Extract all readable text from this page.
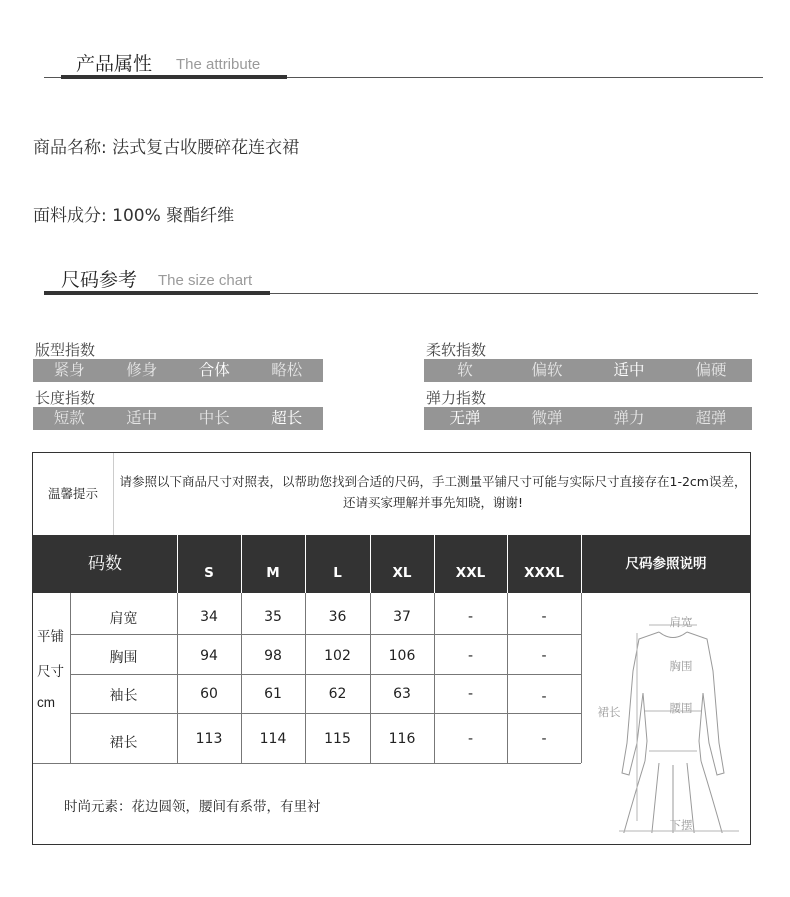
产品属性 The attribute
商品名称: 法式复古收腰碎花连衣裙
面料成分: 100% 聚酯纤维
尺码参考 The size chart
版型指数
紧身	修身	合体	略松
长度指数
短款	适中	中长	超长
柔软指数
软	偏软	适中	偏硬
弹力指数
无弹	微弹	弹力	超弹
温馨提示
请参照以下商品尺寸对照表，以帮助您找到合适的尺码，手工测量平铺尺寸可能与实际尺寸直接存在1-2cm误差，还请买家理解并事先知晓，谢谢!
码数	S	M	L	XL	XXL	XXXL
尺码参照说明
平铺
尺寸
cm
肩宽	34	35	36	37	-	-
胸围	94	98	102	106	-	-
袖长	60	61	62	63	-	-
裙长	113	114	115	116	-	-
肩宽
胸围
腰围
裙长
下摆
时尚元素：花边圆领，腰间有系带，有里衬
